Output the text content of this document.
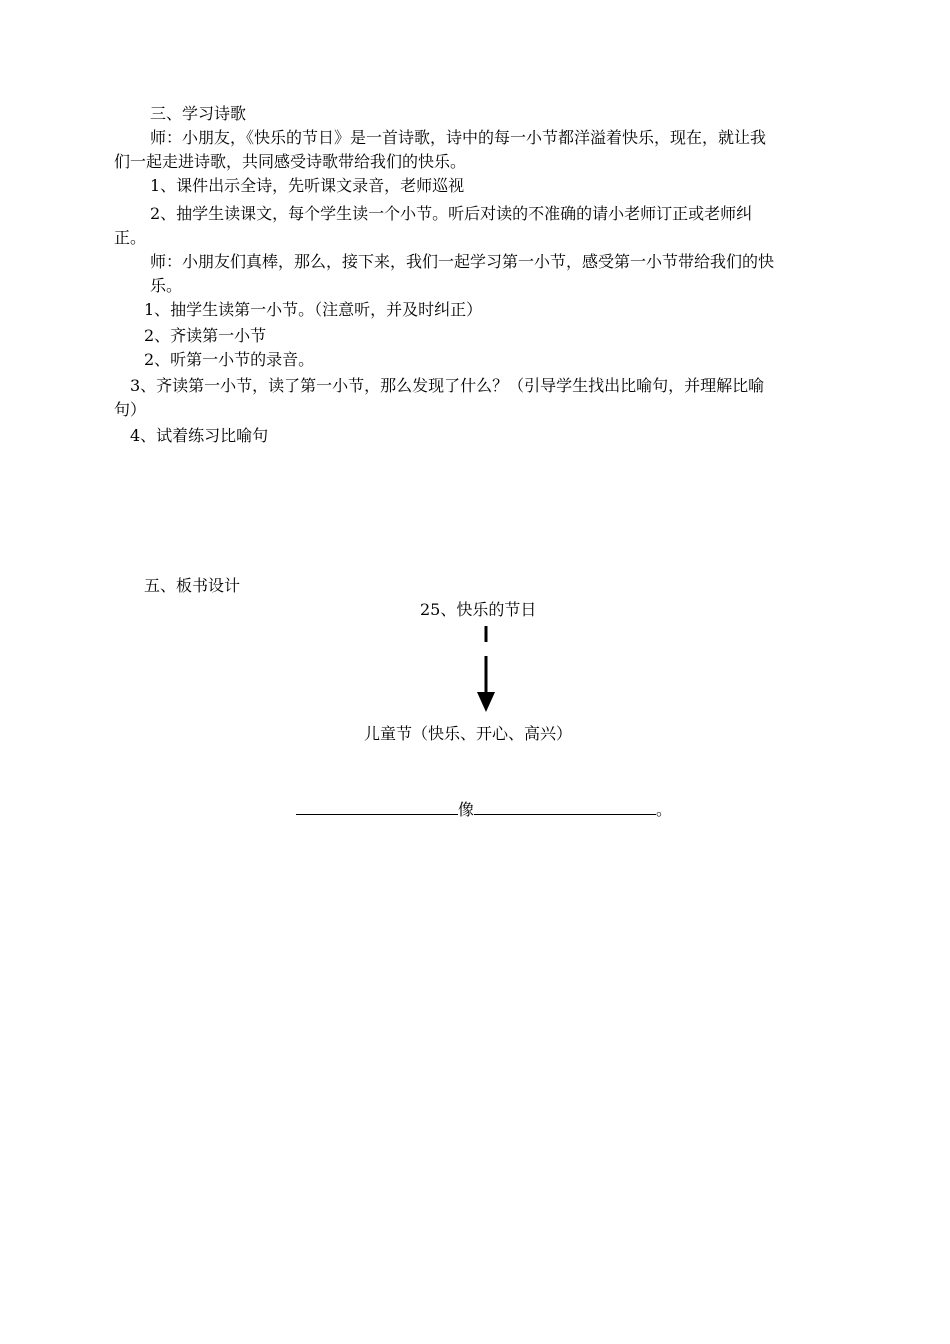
三、学习诗歌
师：小朋友，《快乐的节日》是一首诗歌，诗中的每一小节都洋溢着快乐，现在，就让我
们一起走进诗歌，共同感受诗歌带给我们的快乐。
1、课件出示全诗，先听课文录音，老师巡视
2、抽学生读课文，每个学生读一个小节。听后对读的不准确的请小老师订正或老师纠
正。
师：小朋友们真棒，那么，接下来，我们一起学习第一小节，感受第一小节带给我们的快
乐。
1、抽学生读第一小节。（注意听，并及时纠正）
2、齐读第一小节
2、听第一小节的录音。
3、齐读第一小节，读了第一小节，那么发现了什么？（引导学生找出比喻句，并理解比喻
句）
4、试着练习比喻句
五、板书设计
25、快乐的节日
儿童节（快乐、开心、高兴）
像	。
